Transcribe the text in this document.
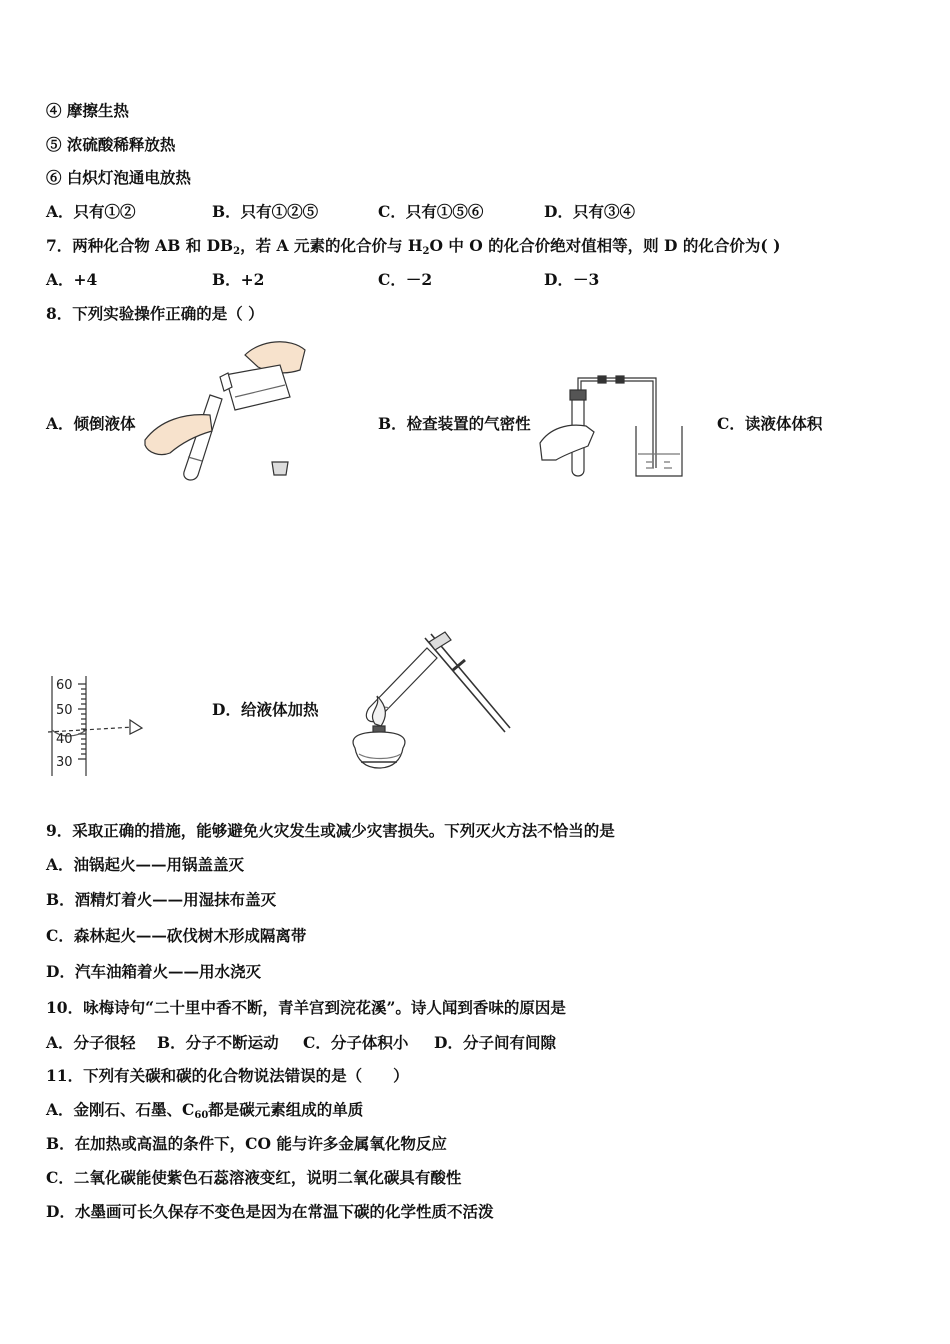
④ 摩擦生热
⑤ 浓硫酸稀释放热
⑥ 白炽灯泡通电放热
A．只有①②	B．只有①②⑤	C．只有①⑤⑥	D．只有③④
7．两种化合物 AB 和 $DB_2$，若 A 元素的化合价与 $H_2O$ 中 O 的化合价绝对值相等，则 D 的化合价为( )
A．+4	B．+2	C．－2	D．－3
8．下列实验操作正确的是（ ）
A．倾倒液体	B．检查装置的气密性	C．读液体体积
D．给液体加热
60
50
40
30
9．采取正确的措施，能够避免火灾发生或减少灾害损失。下列灭火方法不恰当的是
A．油锅起火——用锅盖盖灭
B．酒精灯着火——用湿抹布盖灭
C．森林起火——砍伐树木形成隔离带
D．汽车油箱着火——用水浇灭
10．咏梅诗句“二十里中香不断，青羊宫到浣花溪”。诗人闻到香味的原因是
A．分子很轻 B．分子不断运动 C．分子体积小 D．分子间有间隙
11．下列有关碳和碳的化合物说法错误的是（　　）
A．金刚石、石墨、$C_{60}$都是碳元素组成的单质
B．在加热或高温的条件下，CO 能与许多金属氧化物反应
C．二氧化碳能使紫色石蕊溶液变红，说明二氧化碳具有酸性
D．水墨画可长久保存不变色是因为在常温下碳的化学性质不活泼
